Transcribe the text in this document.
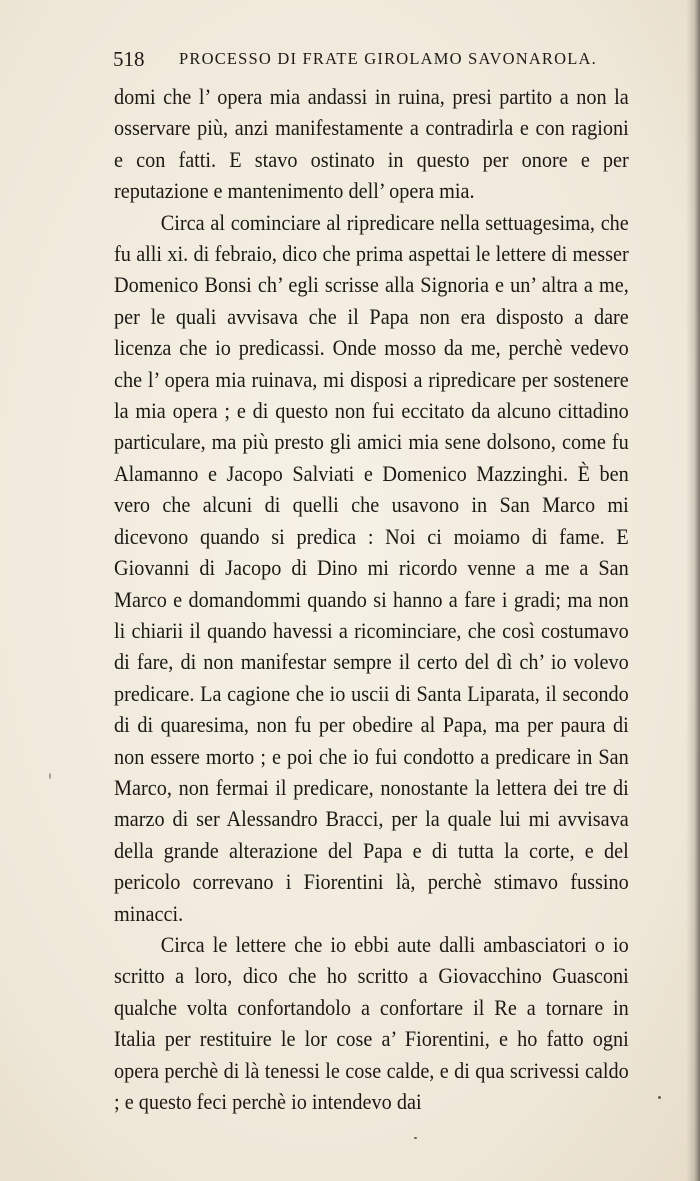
518 PROCESSO DI FRATE GIROLAMO SAVONAROLA.
domi che l’ opera mia andassi in ruina, presi partito a non la osservare più, anzi manifestamente a contradirla e con ragioni e con fatti. E stavo ostinato in questo per onore e per reputazione e mantenimento dell’ opera mia.
Circa al cominciare al ripredicare nella settuagesima, che fu alli xi. di febraio, dico che prima aspettai le lettere di messer Domenico Bonsi ch’ egli scrisse alla Signoria e un’ altra a me, per le quali avvisava che il Papa non era disposto a dare licenza che io predicassi. Onde mosso da me, perchè vedevo che l’ opera mia ruinava, mi disposi a ripredicare per sostenere la mia opera ; e di questo non fui eccitato da alcuno cittadino particulare, ma più presto gli amici mia sene dolsono, come fu Alamanno e Jacopo Salviati e Domenico Mazzinghi. È ben vero che alcuni di quelli che usavono in San Marco mi dicevono quando si predica : Noi ci moiamo di fame. E Giovanni di Jacopo di Dino mi ricordo venne a me a San Marco e domandommi quando si hanno a fare i gradi; ma non li chiarii il quando havessi a ricominciare, che così costumavo di fare, di non manifestar sempre il certo del dì ch’ io volevo predicare. La cagione che io uscii di Santa Liparata, il secondo di di quaresima, non fu per obedire al Papa, ma per paura di non essere morto ; e poi che io fui condotto a predicare in San Marco, non fermai il predicare, nonostante la lettera dei tre di marzo di ser Alessandro Bracci, per la quale lui mi avvisava della grande alterazione del Papa e di tutta la corte, e del pericolo correvano i Fiorentini là, perchè stimavo fussino minacci.
Circa le lettere che io ebbi aute dalli ambasciatori o io scritto a loro, dico che ho scritto a Giovacchino Guasconi qualche volta confortandolo a confortare il Re a tornare in Italia per restituire le lor cose a’ Fiorentini, e ho fatto ogni opera perchè di là tenessi le cose calde, e di qua scrivessi caldo ; e questo feci perchè io intendevo dai
